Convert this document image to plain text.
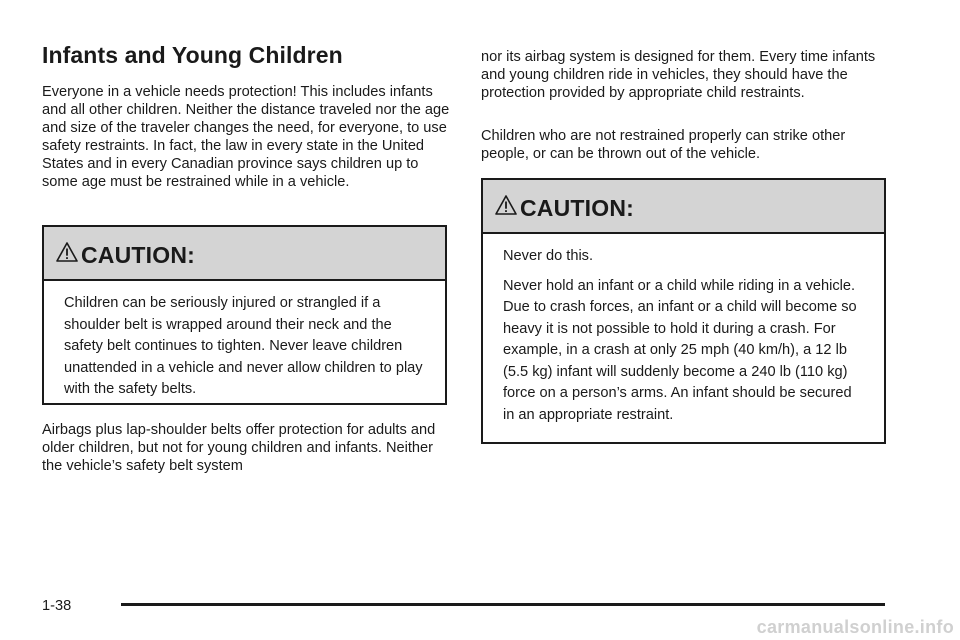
Infants and Young Children

Everyone in a vehicle needs protection! This includes infants and all other children. Neither the distance traveled nor the age and size of the traveler changes the need, for everyone, to use safety restraints. In fact, the law in every state in the United States and in every Canadian province says children up to some age must be restrained while in a vehicle.

CAUTION:

Children can be seriously injured or strangled if a shoulder belt is wrapped around their neck and the safety belt continues to tighten. Never leave children unattended in a vehicle and never allow children to play with the safety belts.

Airbags plus lap-shoulder belts offer protection for adults and older children, but not for young children and infants. Neither the vehicle’s safety belt system

nor its airbag system is designed for them. Every time infants and young children ride in vehicles, they should have the protection provided by appropriate child restraints.

Children who are not restrained properly can strike other people, or can be thrown out of the vehicle.

CAUTION:

Never do this.

Never hold an infant or a child while riding in a vehicle. Due to crash forces, an infant or a child will become so heavy it is not possible to hold it during a crash. For example, in a crash at only 25 mph (40 km/h), a 12 lb (5.5 kg) infant will suddenly become a 240 lb (110 kg) force on a person’s arms. An infant should be secured in an appropriate restraint.

1-38
carmanualsonline.info
